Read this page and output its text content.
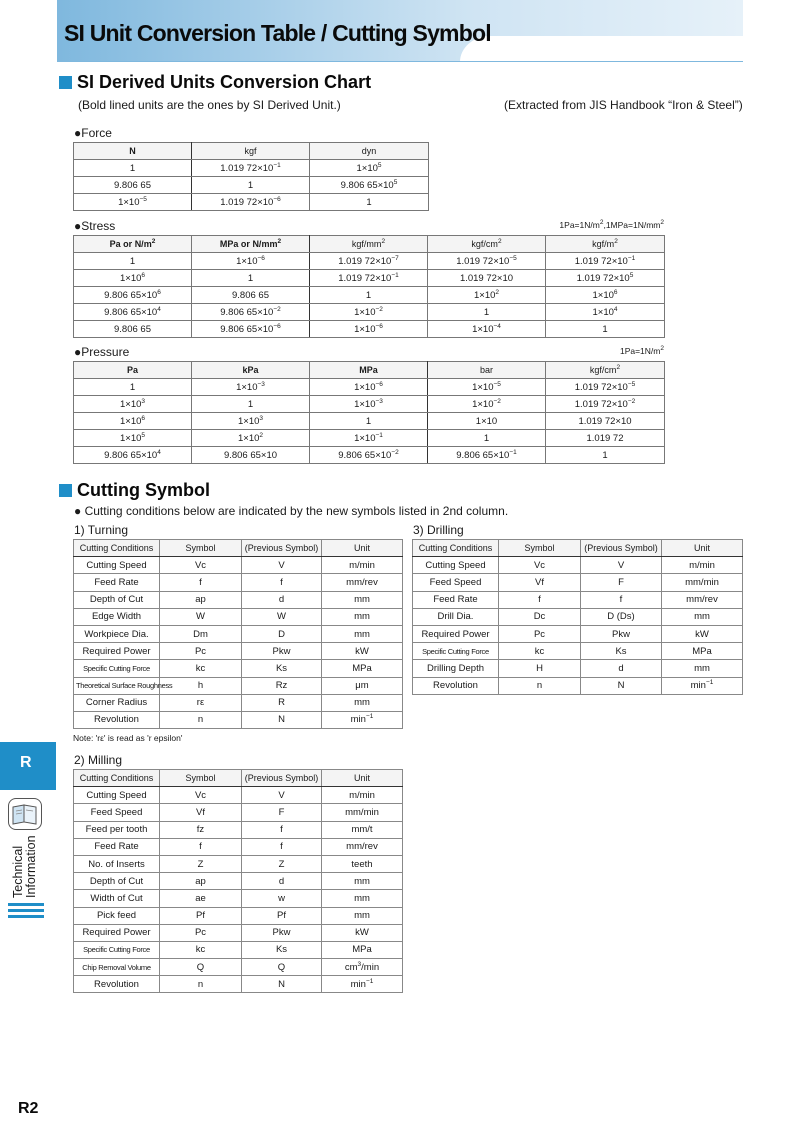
SI Unit Conversion Table / Cutting Symbol
SI Derived Units Conversion Chart
(Bold lined units are the ones by SI Derived Unit.)	(Extracted from JIS Handbook “Iron & Steel”)
●Force
N	kgf	dyn
1	1.019 $72\times 10^{-1}$	$1\times 10^5$
9.806 65	1	9.806 $65\times 10^5$
$1\times 10^{-5}$	1.019 $72\times 10^{-6}$	1
●Stress	$1Pa=1N/m^2,1MPa=1N/mm^2$
Pa or $N/m^2$	MPa or $N/mm^2$	kgf/$mm^2$	kgf/$cm^2$	kgf/$m^2$
1	$1\times 10^{-6}$	1.019 $72\times 10^{-7}$	1.019 $72\times 10^{-5}$	1.019 $72\times 10^{-1}$
$1\times 10^6$	1	1.019 $72\times 10^{-1}$	1.019 72×10	1.019 $72\times 10^5$
9.806 $65\times 10^6$	9.806 65	1	$1\times 10^2$	$1\times 10^6$
9.806 $65\times 10^4$	9.806 $65\times 10^{-2}$	$1\times 10^{-2}$	1	$1\times 10^4$
9.806 65	9.806 $65\times 10^{-6}$	$1\times 10^{-6}$	$1\times 10^{-4}$	1
●Pressure	$1Pa=1N/m^2$
Pa	kPa	MPa	bar	kgf/$cm^2$
1	$1\times 10^{-3}$	$1\times 10^{-6}$	$1\times 10^{-5}$	1.019 $72\times 10^{-5}$
$1\times 10^3$	1	$1\times 10^{-3}$	$1\times 10^{-2}$	1.019 $72\times 10^{-2}$
$1\times 10^6$	$1\times 10^3$	1	1×10	1.019 72×10
$1\times 10^5$	$1\times 10^2$	$1\times 10^{-1}$	1	1.019 72
9.806 $65\times 10^4$	9.806 65×10	9.806 $65\times 10^{-2}$	9.806 $65\times 10^{-1}$	1
Cutting Symbol
● Cutting conditions below are indicated by the new symbols listed in 2nd column.
1) Turning
Cutting Conditions	Symbol	(Previous Symbol)	Unit
Cutting Speed	Vc	V	m/min
Feed Rate	f	f	mm/rev
Depth of Cut	ap	d	mm
Edge Width	W	W	mm
Workpiece Dia.	Dm	D	mm
Required Power	Pc	Pkw	kW
Specific Cutting Force	kc	Ks	MPa
Theoretical Surface Roughness	h	Rz	μm
Corner Radius	rε	R	mm
Revolution	n	N	$\min^{-1}$
Note: 'rε' is read as 'r epsilon'
3) Drilling
Cutting Conditions	Symbol	(Previous Symbol)	Unit
Cutting Speed	Vc	V	m/min
Feed Speed	Vf	F	mm/min
Feed Rate	f	f	mm/rev
Drill Dia.	Dc	D (Ds)	mm
Required Power	Pc	Pkw	kW
Specific Cutting Force	kc	Ks	MPa
Drilling Depth	H	d	mm
Revolution	n	N	$\min^{-1}$
2) Milling
Cutting Conditions	Symbol	(Previous Symbol)	Unit
Cutting Speed	Vc	V	m/min
Feed Speed	Vf	F	mm/min
Feed per tooth	fz	f	mm/t
Feed Rate	f	f	mm/rev
No. of Inserts	Z	Z	teeth
Depth of Cut	ap	d	mm
Width of Cut	ae	w	mm
Pick feed	Pf	Pf	mm
Required Power	Pc	Pkw	kW
Specific Cutting Force	kc	Ks	MPa
Chip Removal Volume	Q	Q	$cm^3/\min$
Revolution	n	N	$\min^{-1}$
R
Technical Information
R2
